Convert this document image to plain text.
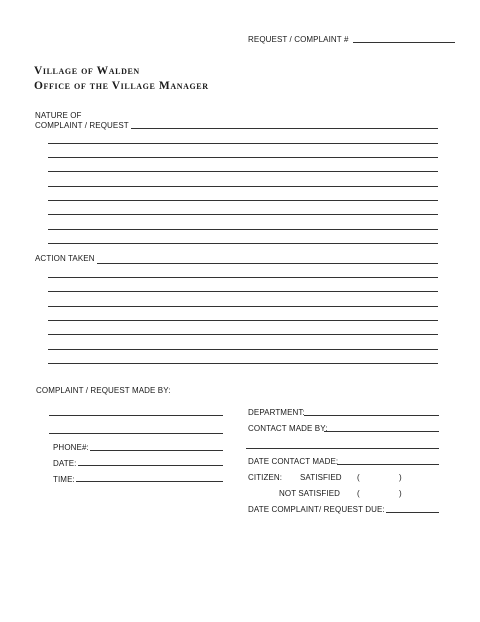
REQUEST / COMPLAINT #
Village of Walden
Office of the Village Manager
NATURE OF
COMPLAINT / REQUEST
ACTION TAKEN
COMPLAINT / REQUEST MADE BY:
PHONE#:
DATE:
TIME:
DEPARTMENT:
CONTACT MADE BY:
DATE CONTACT MADE:
CITIZEN: SATISFIED (	)
NOT SATISFIED (	)
DATE COMPLAINT/ REQUEST DUE:
